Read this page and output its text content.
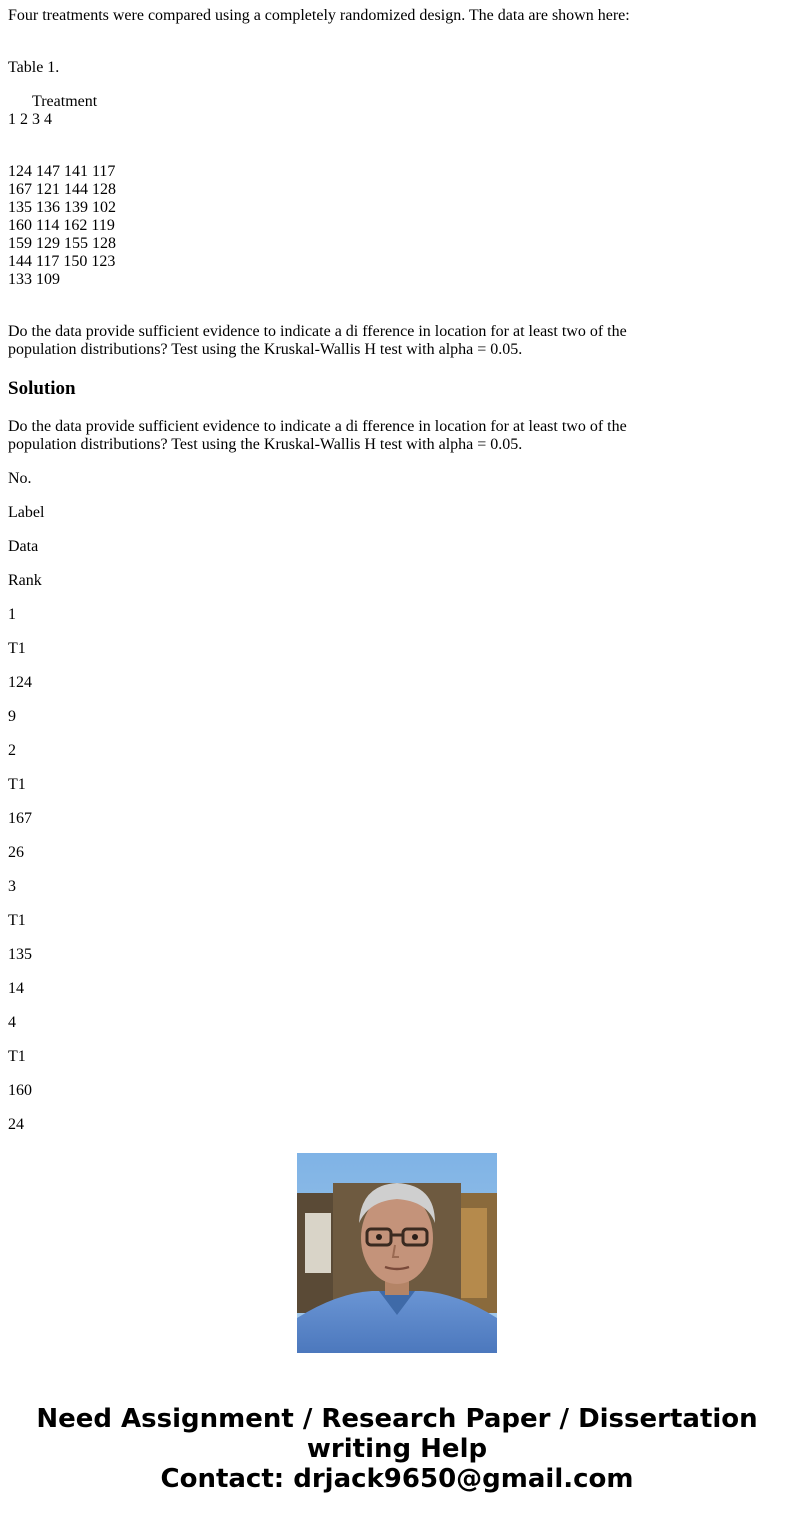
Four treatments were compared using a completely randomized design. The data are shown here:
Table 1.
Treatment
1 2 3 4
124 147 141 117
167 121 144 128
135 136 139 102
160 114 162 119
159 129 155 128
144 117 150 123
133 109
Do the data provide sufficient evidence to indicate a di fference in location for at least two of the
population distributions? Test using the Kruskal-Wallis H test with alpha = 0.05.
Solution
Do the data provide sufficient evidence to indicate a di fference in location for at least two of the
population distributions? Test using the Kruskal-Wallis H test with alpha = 0.05.
No.
Label
Data
Rank
1
T1
124
9
2
T1
167
26
3
T1
135
14
4
T1
160
24
Need Assignment / Research Paper / Dissertation
writing Help
Contact: drjack9650@gmail.com
